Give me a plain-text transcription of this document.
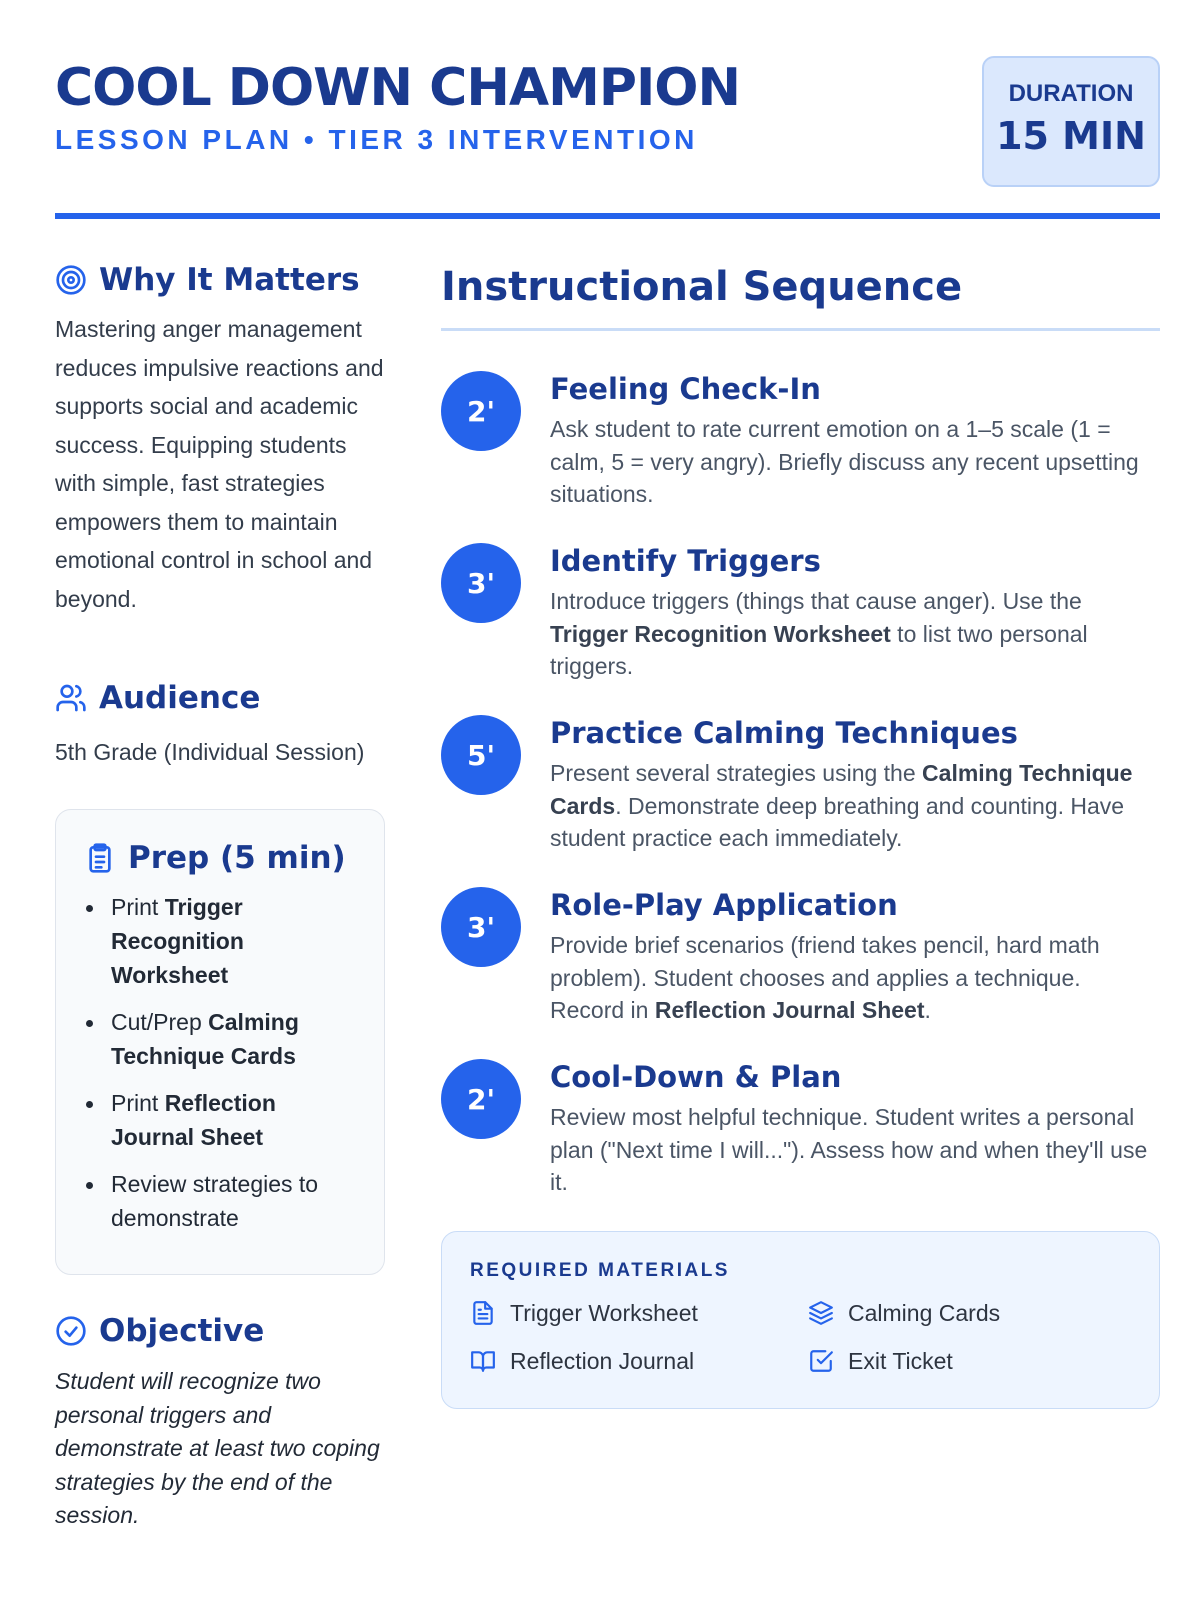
COOL DOWN CHAMPION
LESSON PLAN • TIER 3 INTERVENTION
DURATION
15 MIN
Why It Matters

Mastering anger management reduces impulsive reactions and supports social and academic success. Equipping students with simple, fast strategies empowers them to maintain emotional control in school and beyond.

Audience

5th Grade (Individual Session)

Prep (5 min)
Print Trigger Recognition Worksheet
Cut/Prep Calming Technique Cards
Print Reflection Journal Sheet
Review strategies to demonstrate
Objective

Student will recognize two personal triggers and demonstrate at least two coping strategies by the end of the session.

Instructional Sequence
2'
Feeling Check-In

Ask student to rate current emotion on a 1–5 scale (1 = calm, 5 = very angry). Briefly discuss any recent upsetting situations.

3'
Identify Triggers

Introduce triggers (things that cause anger). Use the Trigger Recognition Worksheet to list two personal triggers.

5'
Practice Calming Techniques

Present several strategies using the Calming Technique Cards. Demonstrate deep breathing and counting. Have student practice each immediately.

3'
Role-Play Application

Provide brief scenarios (friend takes pencil, hard math problem). Student chooses and applies a technique. Record in Reflection Journal Sheet.

2'
Cool-Down & Plan

Review most helpful technique. Student writes a personal plan ("Next time I will..."). Assess how and when they'll use it.

REQUIRED MATERIALS
Trigger Worksheet	Calming Cards
Reflection Journal	Exit Ticket
